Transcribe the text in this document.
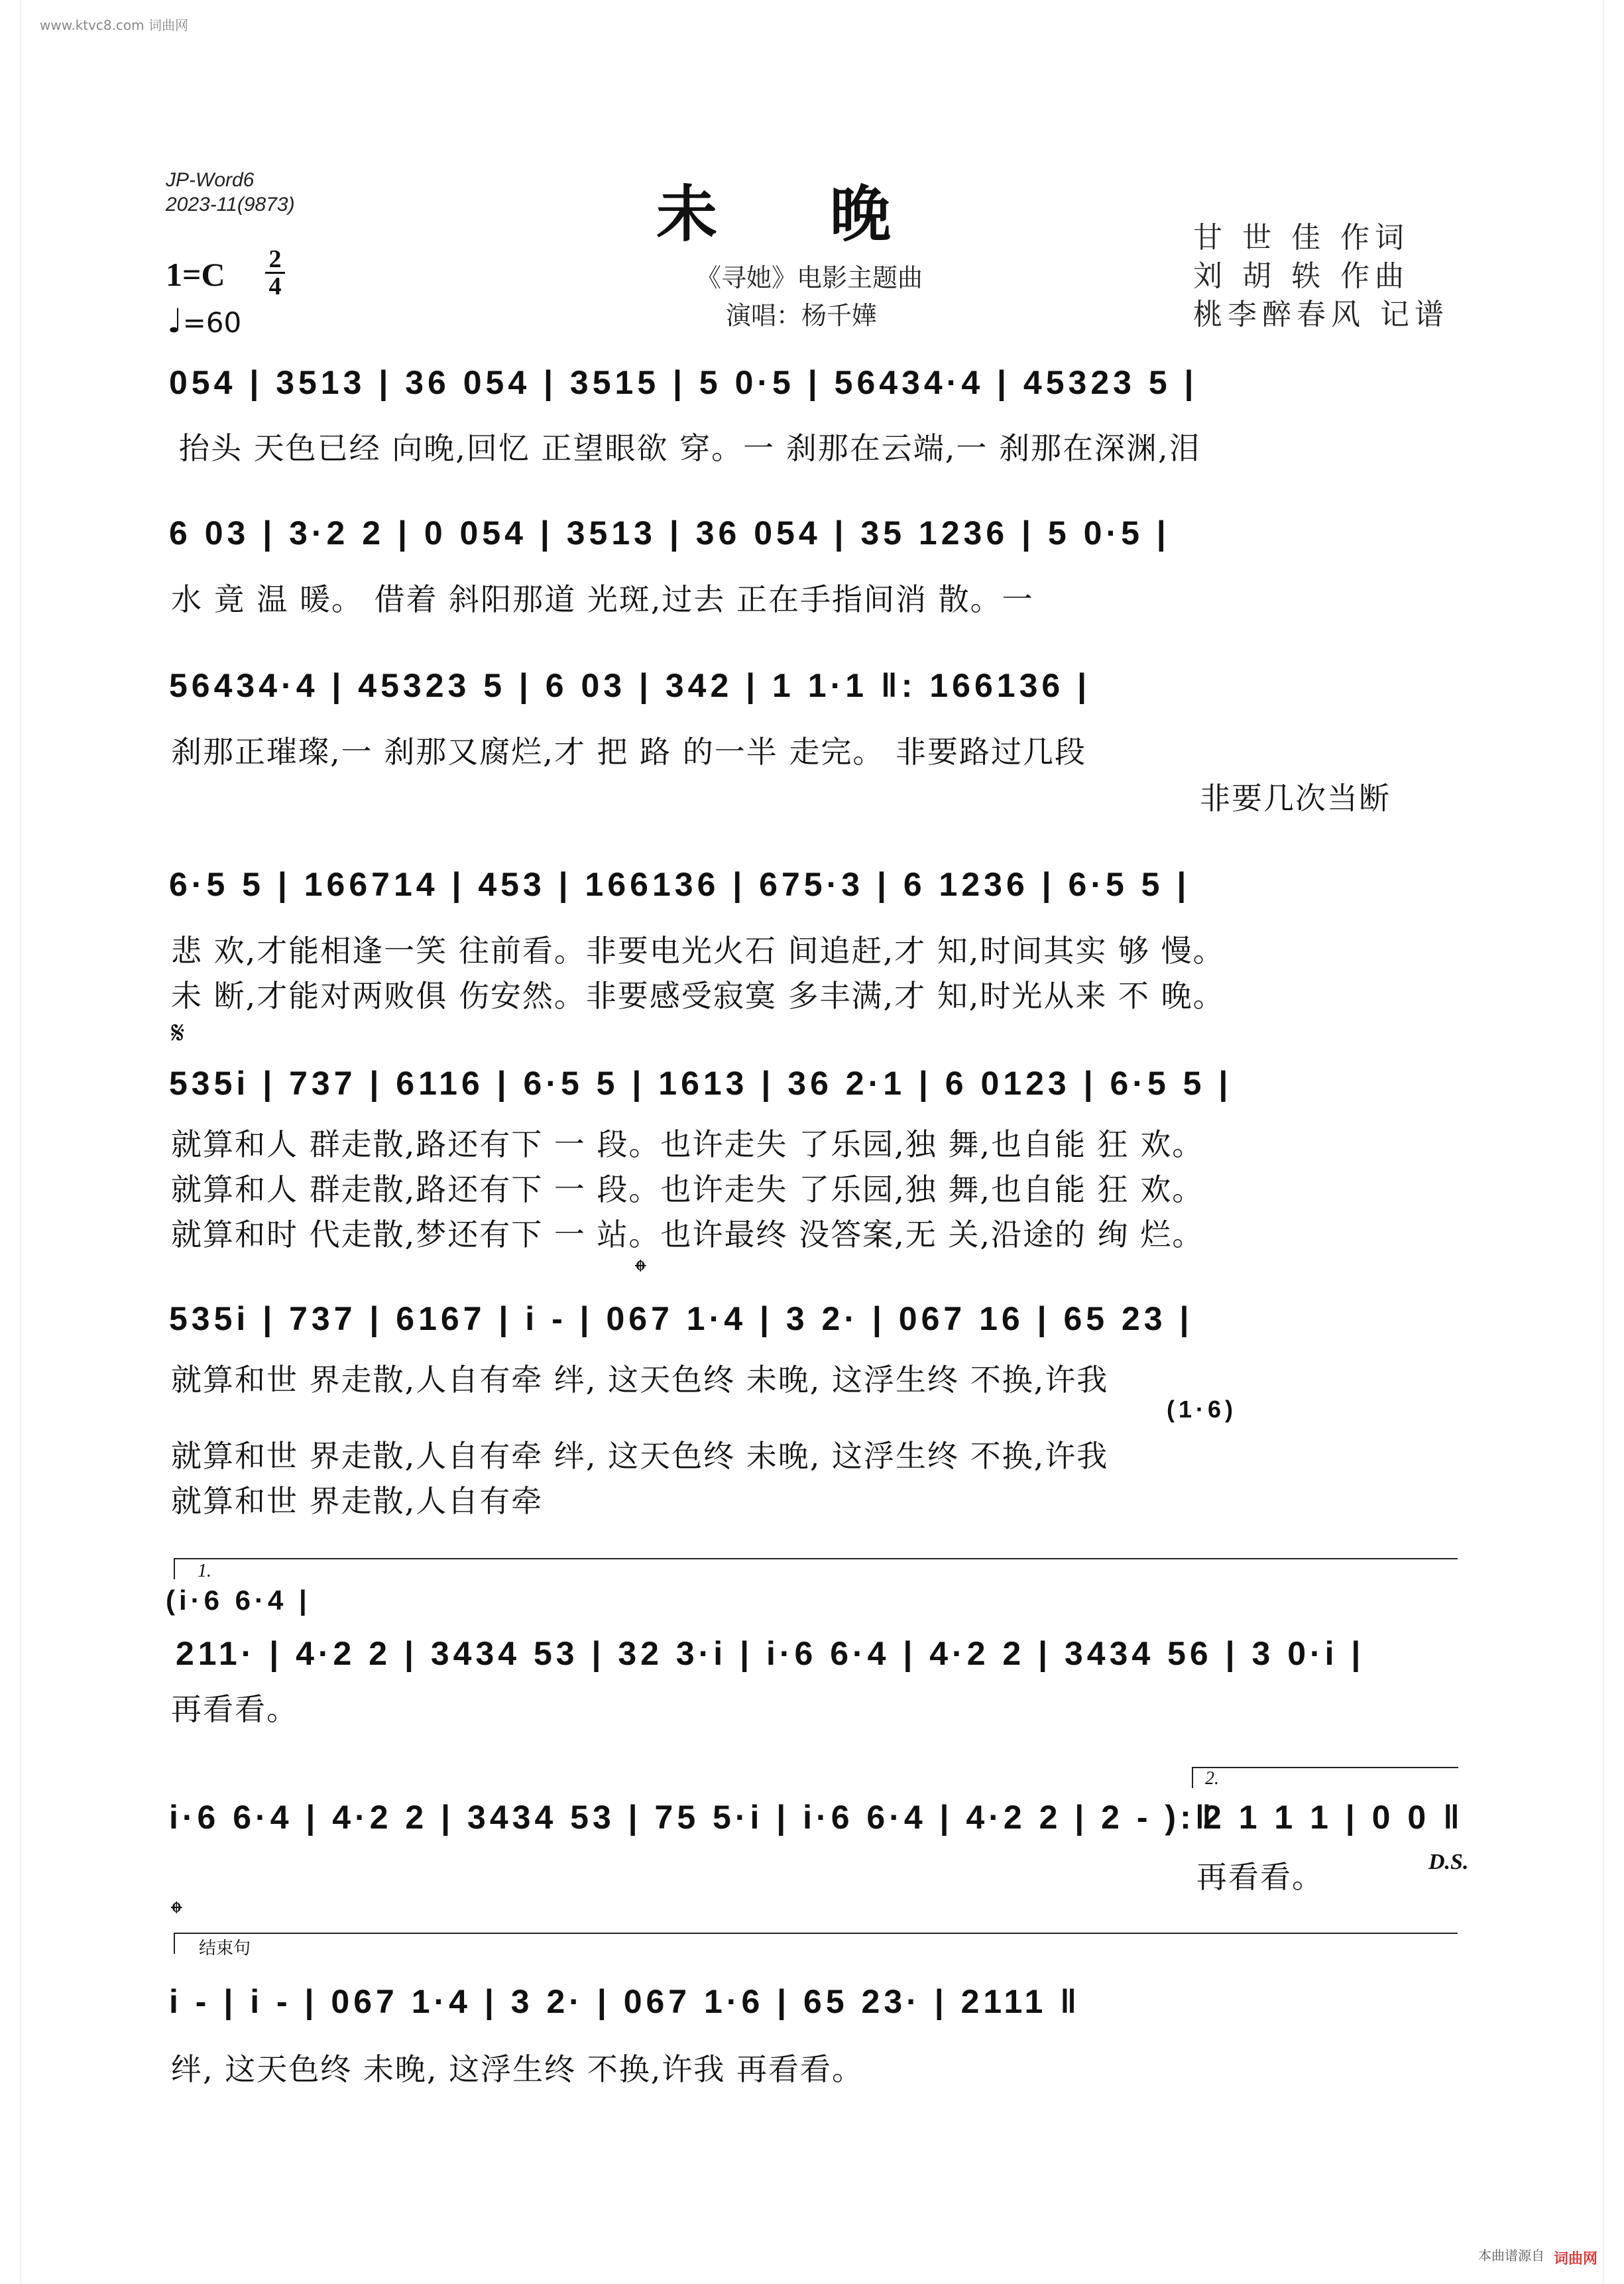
www.ktvc8.com 词曲网
JP-Word6
2023-11(9873)	未晚
《寻她》电影主题曲
演唱：杨千嬅
甘 世 佳 作词
刘 胡 轶 作曲
桃李醉春风 记谱
1=C 2
4
♩=60
054 | 3513 | 36 054 | 3515 | 5 0·5 | 56434·4 | 45323 5 |
抬头 天色已经 向晚,回忆 正望眼欲 穿。一 刹那在云端,一 刹那在深渊,泪
6 03 | 3·2 2 | 0 054 | 3513 | 36 054 | 35 1236 | 5 0·5 |
水 竟 温 暖。 借着 斜阳那道 光斑,过去 正在手指间消 散。一
56434·4 | 45323 5 | 6 03 | 342 | 1 1·1 ‖: 166136 |
刹那正璀璨,一 刹那又腐烂,才 把 路 的一半 走完。 非要路过几段
非要几次当断
6·5 5 | 166714 | 453 | 166136 | 675·3 | 6 1236 | 6·5 5 |
悲 欢,才能相逢一笑 往前看。非要电光火石 间追赶,才 知,时间其实 够 慢。
未 断,才能对两败俱 伤安然。非要感受寂寞 多丰满,才 知,时光从来 不 晚。
𝄋
535i | 737 | 6116 | 6·5 5 | 1613 | 36 2·1 | 6 0123 | 6·5 5 |
就算和人 群走散,路还有下 一 段。也许走失 了乐园,独 舞,也自能 狂 欢。
就算和人 群走散,路还有下 一 段。也许走失 了乐园,独 舞,也自能 狂 欢。
就算和时 代走散,梦还有下 一 站。也许最终 没答案,无 关,沿途的 绚 烂。
𝄌
535i | 737 | 6167 | i - | 067 1·4 | 3 2· | 067 16 | 65 23 |
就算和世 界走散,人自有牵 绊, 这天色终 未晚, 这浮生终 不换,许我
(1·6)
就算和世 界走散,人自有牵 绊, 这天色终 未晚, 这浮生终 不换,许我
就算和世 界走散,人自有牵
1.
(i·6 6·4 |
211· | 4·2 2 | 3434 53 | 32 3·i | i·6 6·4 | 4·2 2 | 3434 56 | 3 0·i |
再看看。
2.
i·6 6·4 | 4·2 2 | 3434 53 | 75 5·i | i·6 6·4 | 4·2 2 | 2 - ):‖
2 1 1 1 | 0 0 ‖
再看看。	D.S.
𝄌
结束句
i - | i - | 067 1·4 | 3 2· | 067 1·6 | 65 23· | 2111 ‖
绊, 这天色终 未晚, 这浮生终 不换,许我 再看看。
本曲谱源自 词曲网
